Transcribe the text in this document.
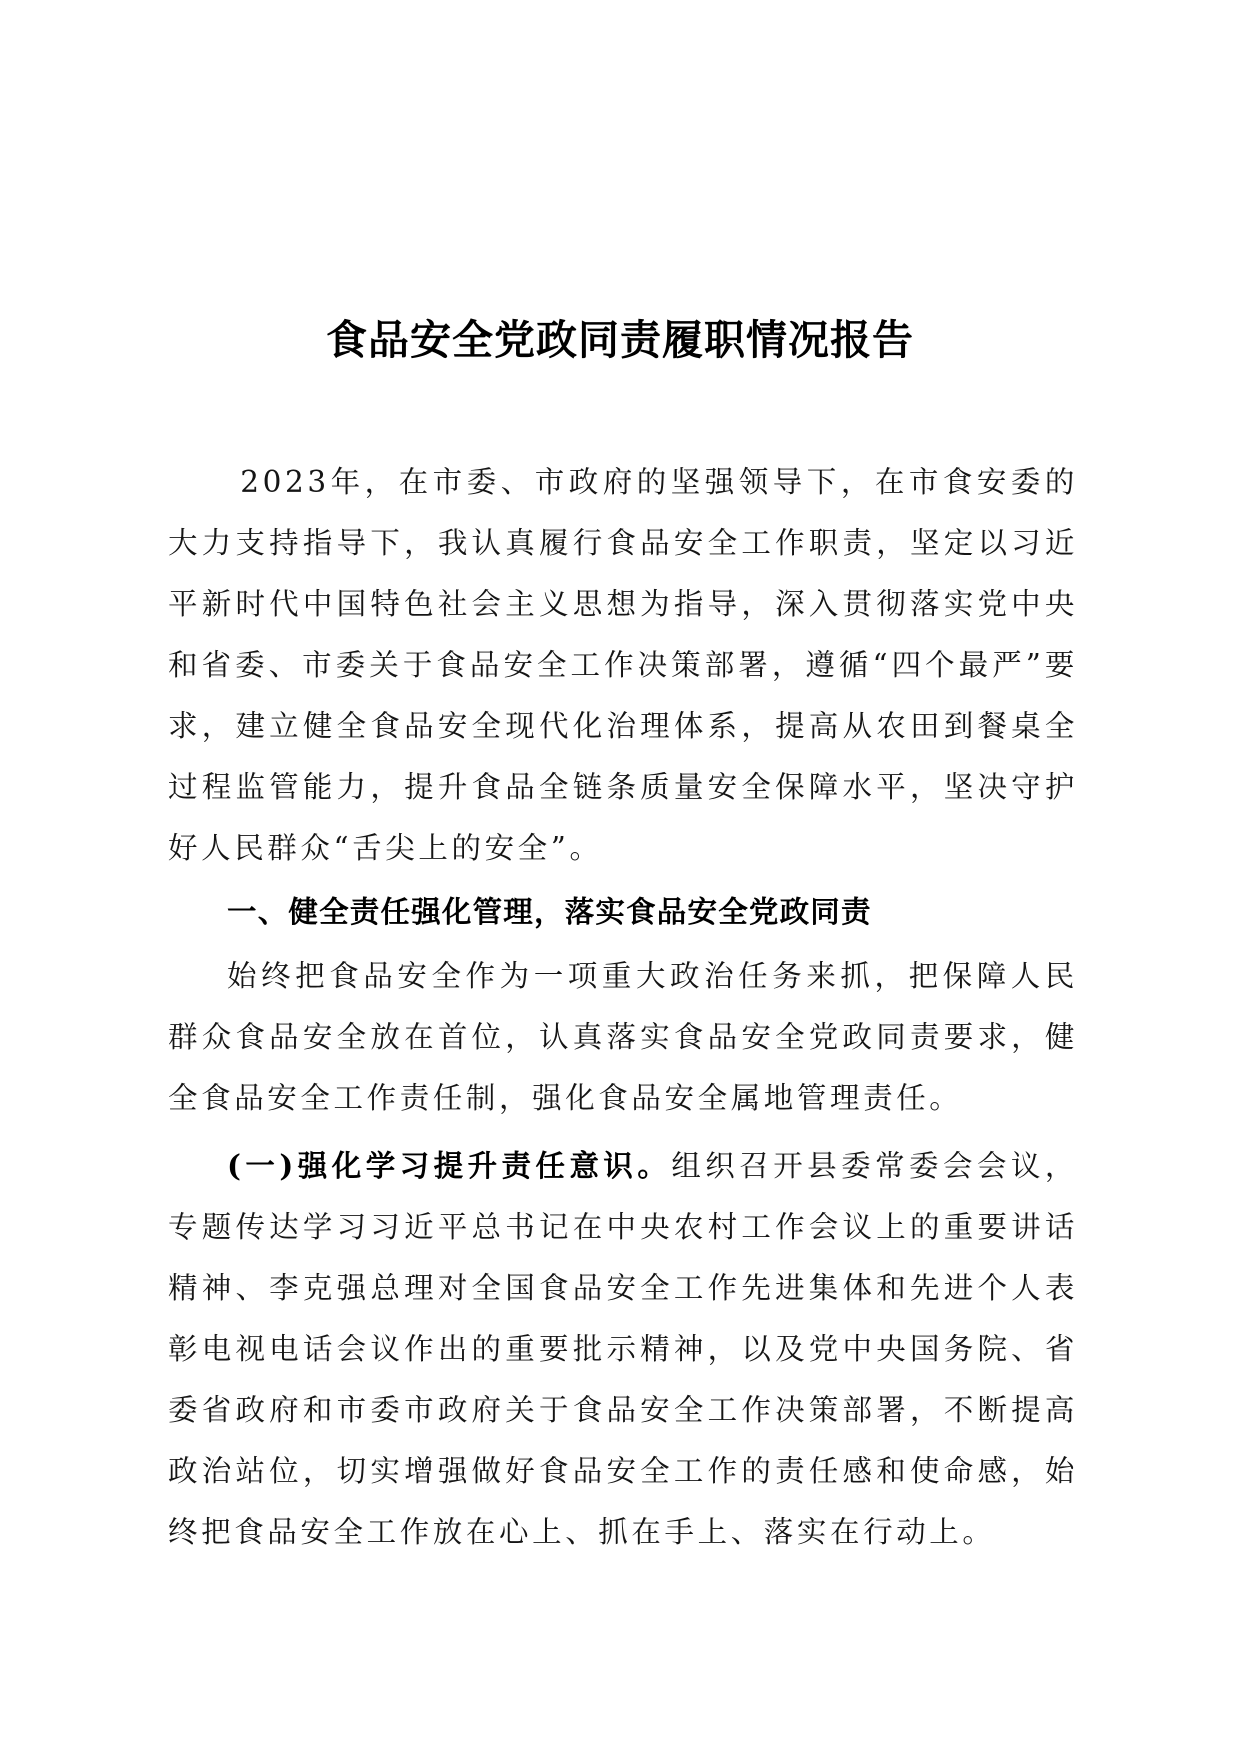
食品安全党政同责履职情况报告

2023年，在市委、市政府的坚强领导下，在市食安委的大力支持指导下，我认真履行食品安全工作职责，坚定以习近平新时代中国特色社会主义思想为指导，深入贯彻落实党中央和省委、市委关于食品安全工作决策部署，遵循“四个最严”要求，建立健全食品安全现代化治理体系，提高从农田到餐桌全过程监管能力，提升食品全链条质量安全保障水平，坚决守护好人民群众“舌尖上的安全”。

一、健全责任强化管理，落实食品安全党政同责

始终把食品安全作为一项重大政治任务来抓，把保障人民群众食品安全放在首位，认真落实食品安全党政同责要求，健全食品安全工作责任制，强化食品安全属地管理责任。

(一)强化学习提升责任意识。组织召开县委常委会会议，专题传达学习习近平总书记在中央农村工作会议上的重要讲话精神、李克强总理对全国食品安全工作先进集体和先进个人表彰电视电话会议作出的重要批示精神，以及党中央国务院、省委省政府和市委市政府关于食品安全工作决策部署，不断提高政治站位，切实增强做好食品安全工作的责任感和使命感，始终把食品安全工作放在心上、抓在手上、落实在行动上。
